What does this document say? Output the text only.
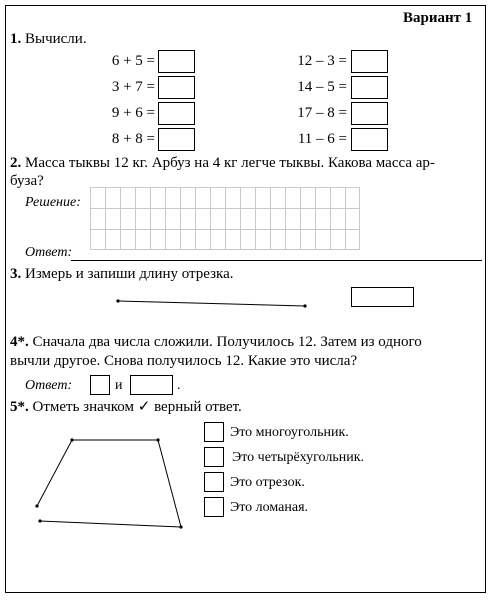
Вариант 1
1. Вычисли.
6 + 5 =
3 + 7 =
9 + 6 =
8 + 8 =
12 – 3 =
14 – 5 =
17 – 8 =
11 – 6 =
2. Масса тыквы 12 кг. Арбуз на 4 кг легче тыквы. Какова масса ар-
буза?
Решение:
Ответ:
3. Измерь и запиши длину отрезка.
4*. Сначала два числа сложили. Получилось 12. Затем из одного
вычли другое. Снова получилось 12. Какие это числа?
Ответ:	и	.
5*. Отметь значком ✓ верный ответ.
Это многоугольник.
Это четырёхугольник.
Это отрезок.
Это ломаная.
